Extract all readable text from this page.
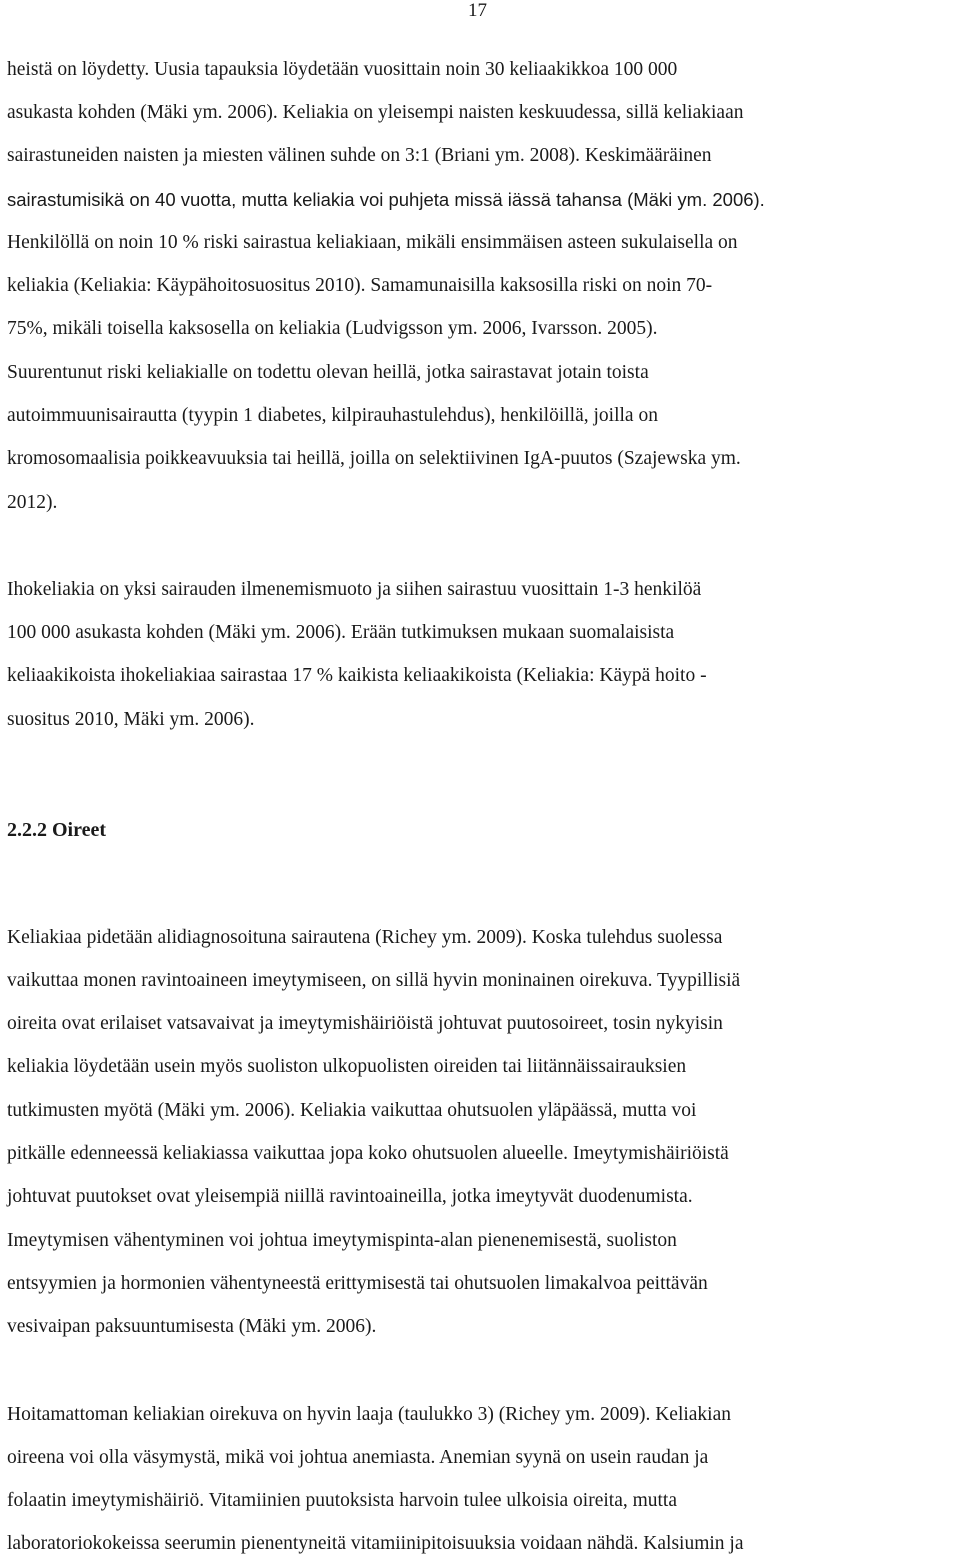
17
heistä on löydetty. Uusia tapauksia löydetään vuosittain noin 30 keliaakikkoa 100 000
asukasta kohden (Mäki ym. 2006). Keliakia on yleisempi naisten keskuudessa, sillä keliakiaan
sairastuneiden naisten ja miesten välinen suhde on 3:1 (Briani ym. 2008). Keskimääräinen
sairastumisikä on 40 vuotta, mutta keliakia voi puhjeta missä iässä tahansa (Mäki ym. 2006).
Henkilöllä on noin 10 % riski sairastua keliakiaan, mikäli ensimmäisen asteen sukulaisella on
keliakia (Keliakia: Käypähoitosuositus 2010). Samamunaisilla kaksosilla riski on noin 70-
75%, mikäli toisella kaksosella on keliakia (Ludvigsson ym. 2006, Ivarsson. 2005).
Suurentunut riski keliakialle on todettu olevan heillä, jotka sairastavat jotain toista
autoimmuunisairautta (tyypin 1 diabetes, kilpirauhastulehdus), henkilöillä, joilla on
kromosomaalisia poikkeavuuksia tai heillä, joilla on selektiivinen IgA-puutos (Szajewska ym.
2012).
Ihokeliakia on yksi sairauden ilmenemismuoto ja siihen sairastuu vuosittain 1-3 henkilöä
100 000 asukasta kohden (Mäki ym. 2006). Erään tutkimuksen mukaan suomalaisista
keliaakikoista ihokeliakiaa sairastaa 17 % kaikista keliaakikoista (Keliakia: Käypä hoito -
suositus 2010, Mäki ym. 2006).
2.2.2 Oireet
Keliakiaa pidetään alidiagnosoituna sairautena (Richey ym. 2009). Koska tulehdus suolessa
vaikuttaa monen ravintoaineen imeytymiseen, on sillä hyvin moninainen oirekuva. Tyypillisiä
oireita ovat erilaiset vatsavaivat ja imeytymishäiriöistä johtuvat puutosoireet, tosin nykyisin
keliakia löydetään usein myös suoliston ulkopuolisten oireiden tai liitännäissairauksien
tutkimusten myötä (Mäki ym. 2006). Keliakia vaikuttaa ohutsuolen yläpäässä, mutta voi
pitkälle edenneessä keliakiassa vaikuttaa jopa koko ohutsuolen alueelle. Imeytymishäiriöistä
johtuvat puutokset ovat yleisempiä niillä ravintoaineilla, jotka imeytyvät duodenumista.
Imeytymisen vähentyminen voi johtua imeytymispinta-alan pienenemisestä, suoliston
entsyymien ja hormonien vähentyneestä erittymisestä tai ohutsuolen limakalvoa peittävän
vesivaipan paksuuntumisesta (Mäki ym. 2006).
Hoitamattoman keliakian oirekuva on hyvin laaja (taulukko 3) (Richey ym. 2009). Keliakian
oireena voi olla väsymystä, mikä voi johtua anemiasta. Anemian syynä on usein raudan ja
folaatin imeytymishäiriö. Vitamiinien puutoksista harvoin tulee ulkoisia oireita, mutta
laboratoriokokeissa seerumin pienentyneitä vitamiinipitoisuuksia voidaan nähdä. Kalsiumin ja
